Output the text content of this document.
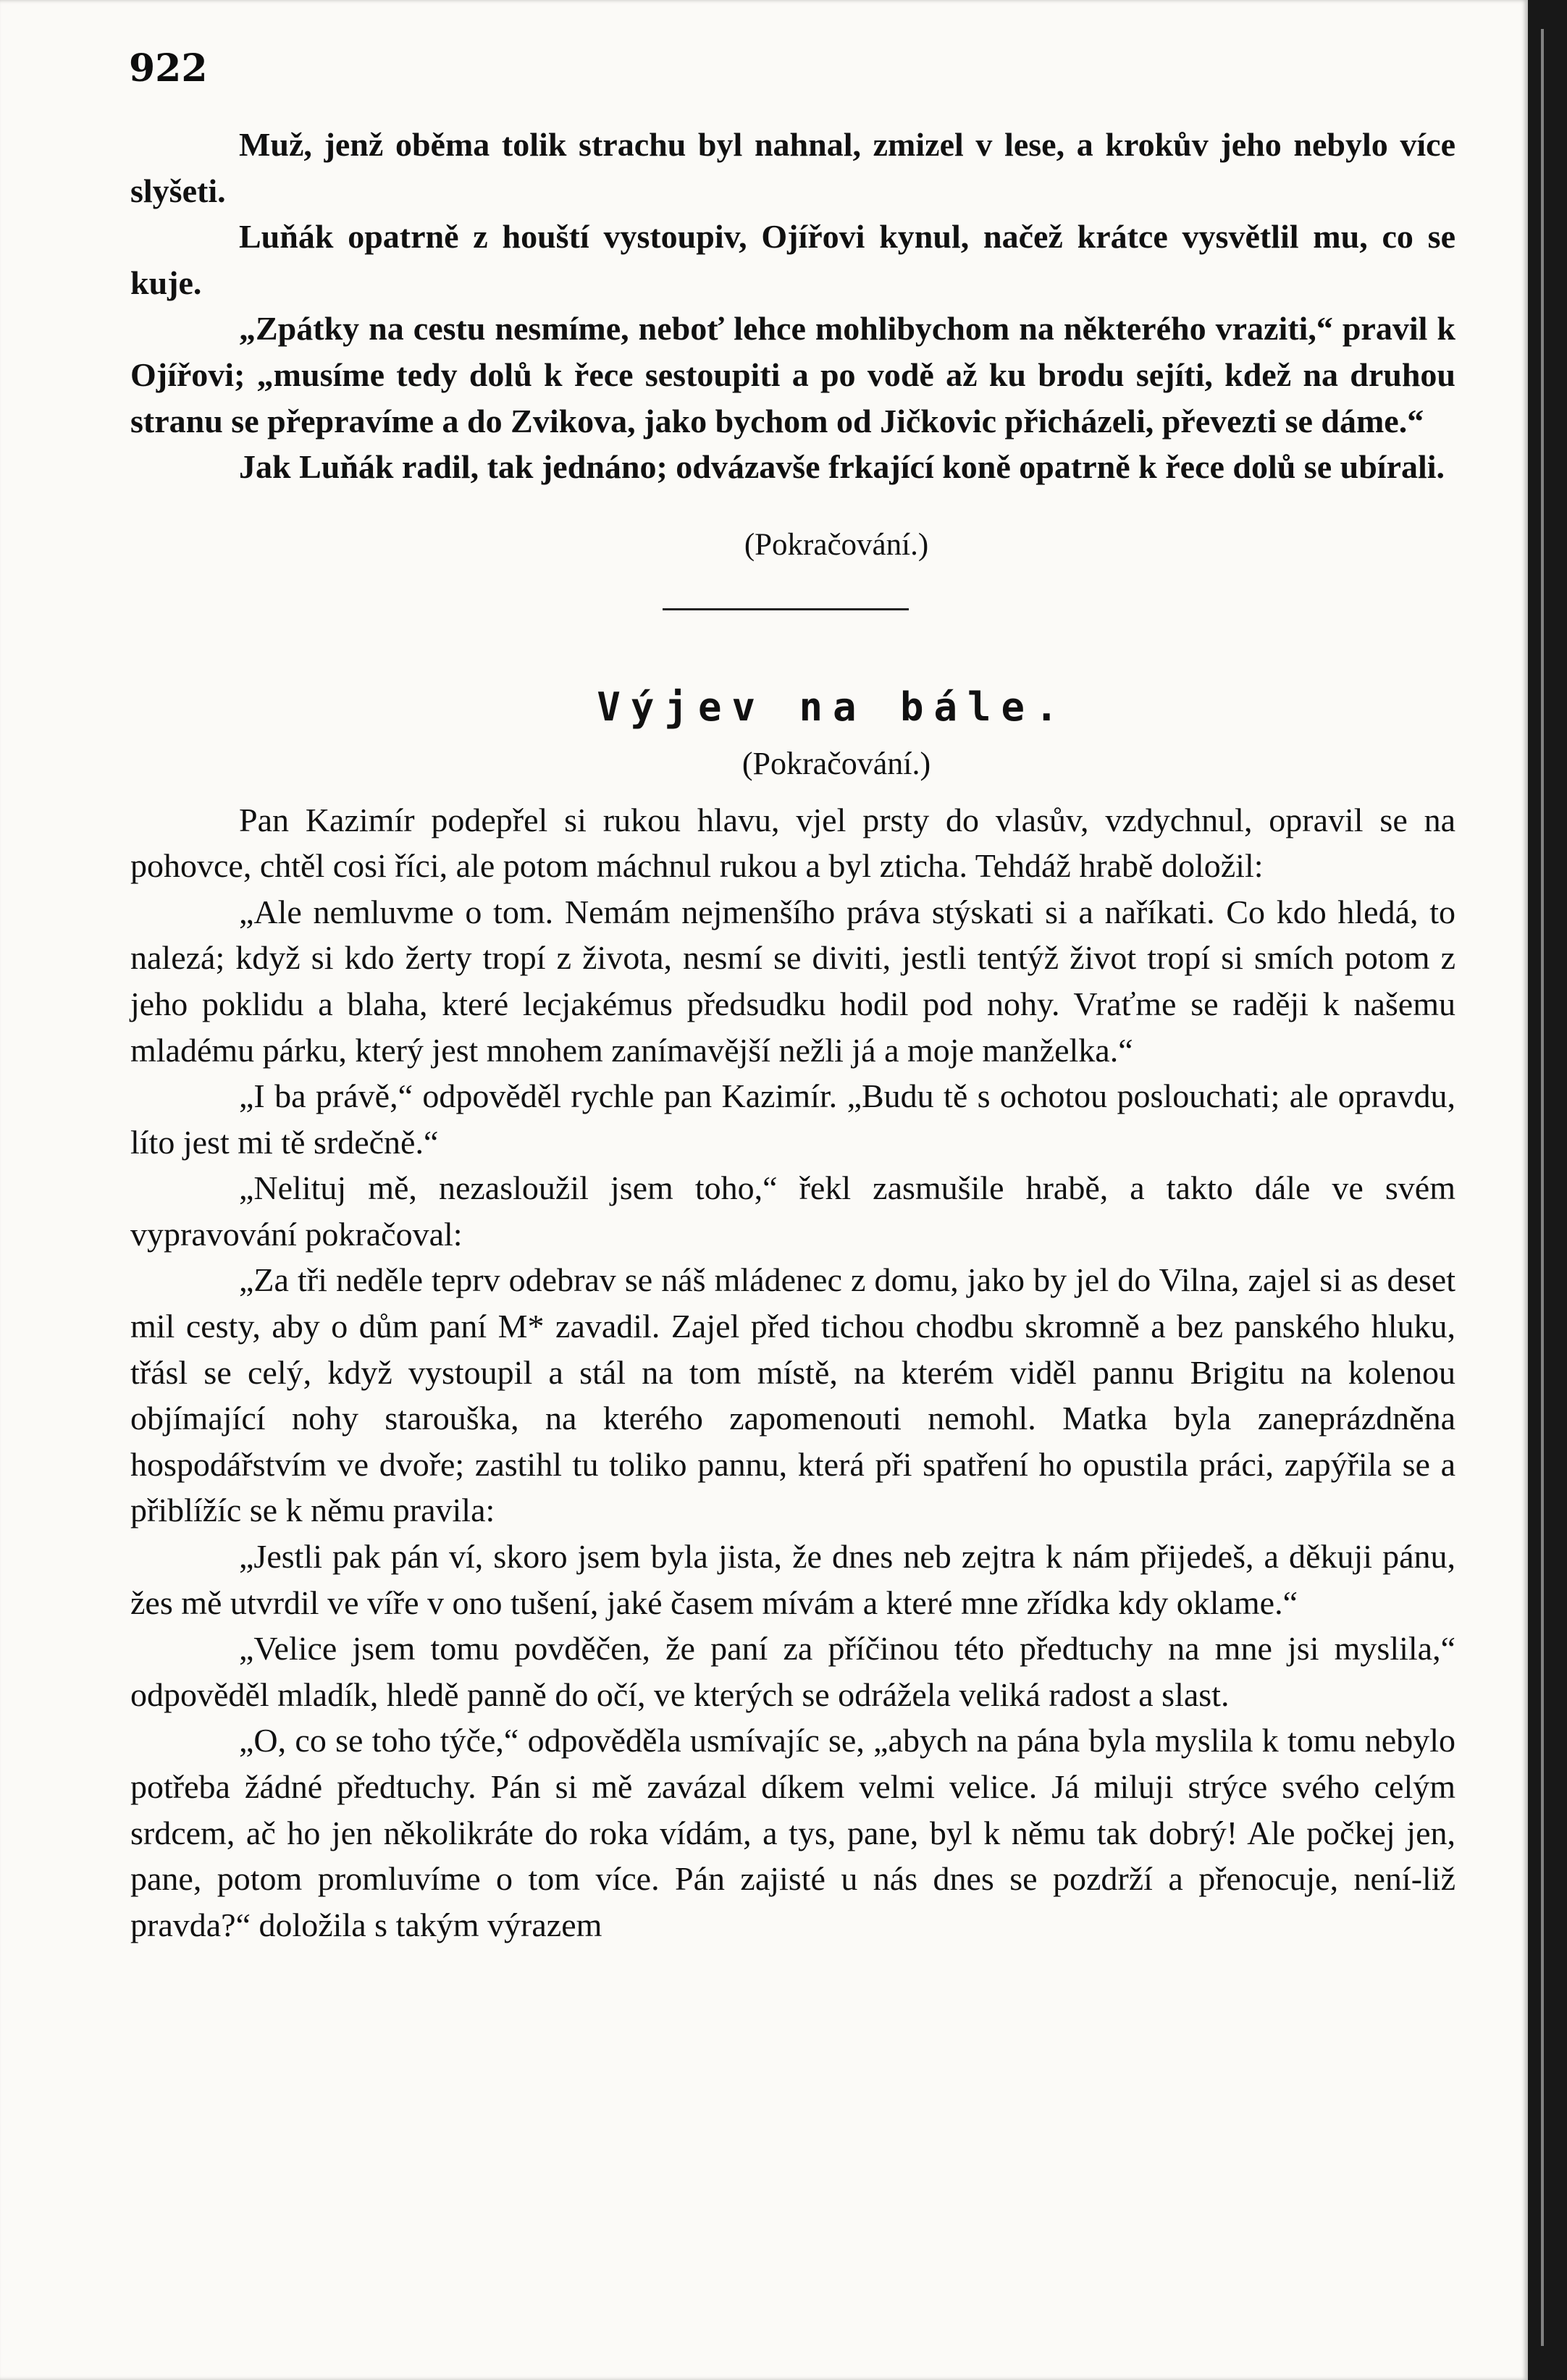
922

Muž, jenž oběma tolik strachu byl nahnal, zmizel v lese, a krokův jeho nebylo více slyšeti.

Luňák opatrně z houští vystoupiv, Ojířovi kynul, načež krátce vysvětlil mu, co se kuje.

„Zpátky na cestu nesmíme, neboť lehce mohlibychom na některého vraziti,“ pravil k Ojířovi; „musíme tedy dolů k řece sestoupiti a po vodě až ku brodu sejíti, kdež na druhou stranu se přepravíme a do Zvikova, jako bychom od Jičkovic přicházeli, převezti se dáme.“

Jak Luňák radil, tak jednáno; odvázavše frkající koně opatrně k řece dolů se ubírali.

(Pokračování.)

Výjev na bále.
(Pokračování.)

Pan Kazimír podepřel si rukou hlavu, vjel prsty do vlasův, vzdychnul, opravil se na pohovce, chtěl cosi říci, ale potom máchnul rukou a byl zticha. Tehdáž hrabě doložil:

„Ale nemluvme o tom. Nemám nejmenšího práva stýskati si a naříkati. Co kdo hledá, to nalezá; když si kdo žerty tropí z života, nesmí se diviti, jestli tentýž život tropí si smích potom z jeho poklidu a blaha, které lecjakémus předsudku hodil pod nohy. Vraťme se raději k našemu mladému párku, který jest mnohem zanímavější nežli já a moje manželka.“

„I ba právě,“ odpověděl rychle pan Kazimír. „Budu tě s ochotou poslouchati; ale opravdu, líto jest mi tě srdečně.“

„Nelituj mě, nezasloužil jsem toho,“ řekl zasmušile hrabě, a takto dále ve svém vypravování pokračoval:

„Za tři neděle teprv odebrav se náš mládenec z domu, jako by jel do Vilna, zajel si as deset mil cesty, aby o dům paní M* zavadil. Zajel před tichou chodbu skromně a bez panského hluku, třásl se celý, když vystoupil a stál na tom místě, na kterém viděl pannu Brigitu na kolenou objímající nohy starouška, na kterého zapomenouti nemohl. Matka byla zaneprázdněna hospodářstvím ve dvoře; zastihl tu toliko pannu, která při spatření ho opustila práci, zapýřila se a přiblížíc se k němu pravila:

„Jestli pak pán ví, skoro jsem byla jista, že dnes neb zejtra k nám přijedeš, a děkuji pánu, žes mě utvrdil ve víře v ono tušení, jaké časem mívám a které mne zřídka kdy oklame.“

„Velice jsem tomu povděčen, že paní za příčinou této předtuchy na mne jsi myslila,“ odpověděl mladík, hledě panně do očí, ve kterých se odrážela veliká radost a slast.

„O, co se toho týče,“ odpověděla usmívajíc se, „abych na pána byla myslila k tomu nebylo potřeba žádné předtuchy. Pán si mě zavázal díkem velmi velice. Já miluji strýce svého celým srdcem, ač ho jen několikráte do roka vídám, a tys, pane, byl k němu tak dobrý! Ale počkej jen, pane, potom promluvíme o tom více. Pán zajisté u nás dnes se pozdrží a přenocuje, není-liž pravda?“ doložila s takým výrazem
